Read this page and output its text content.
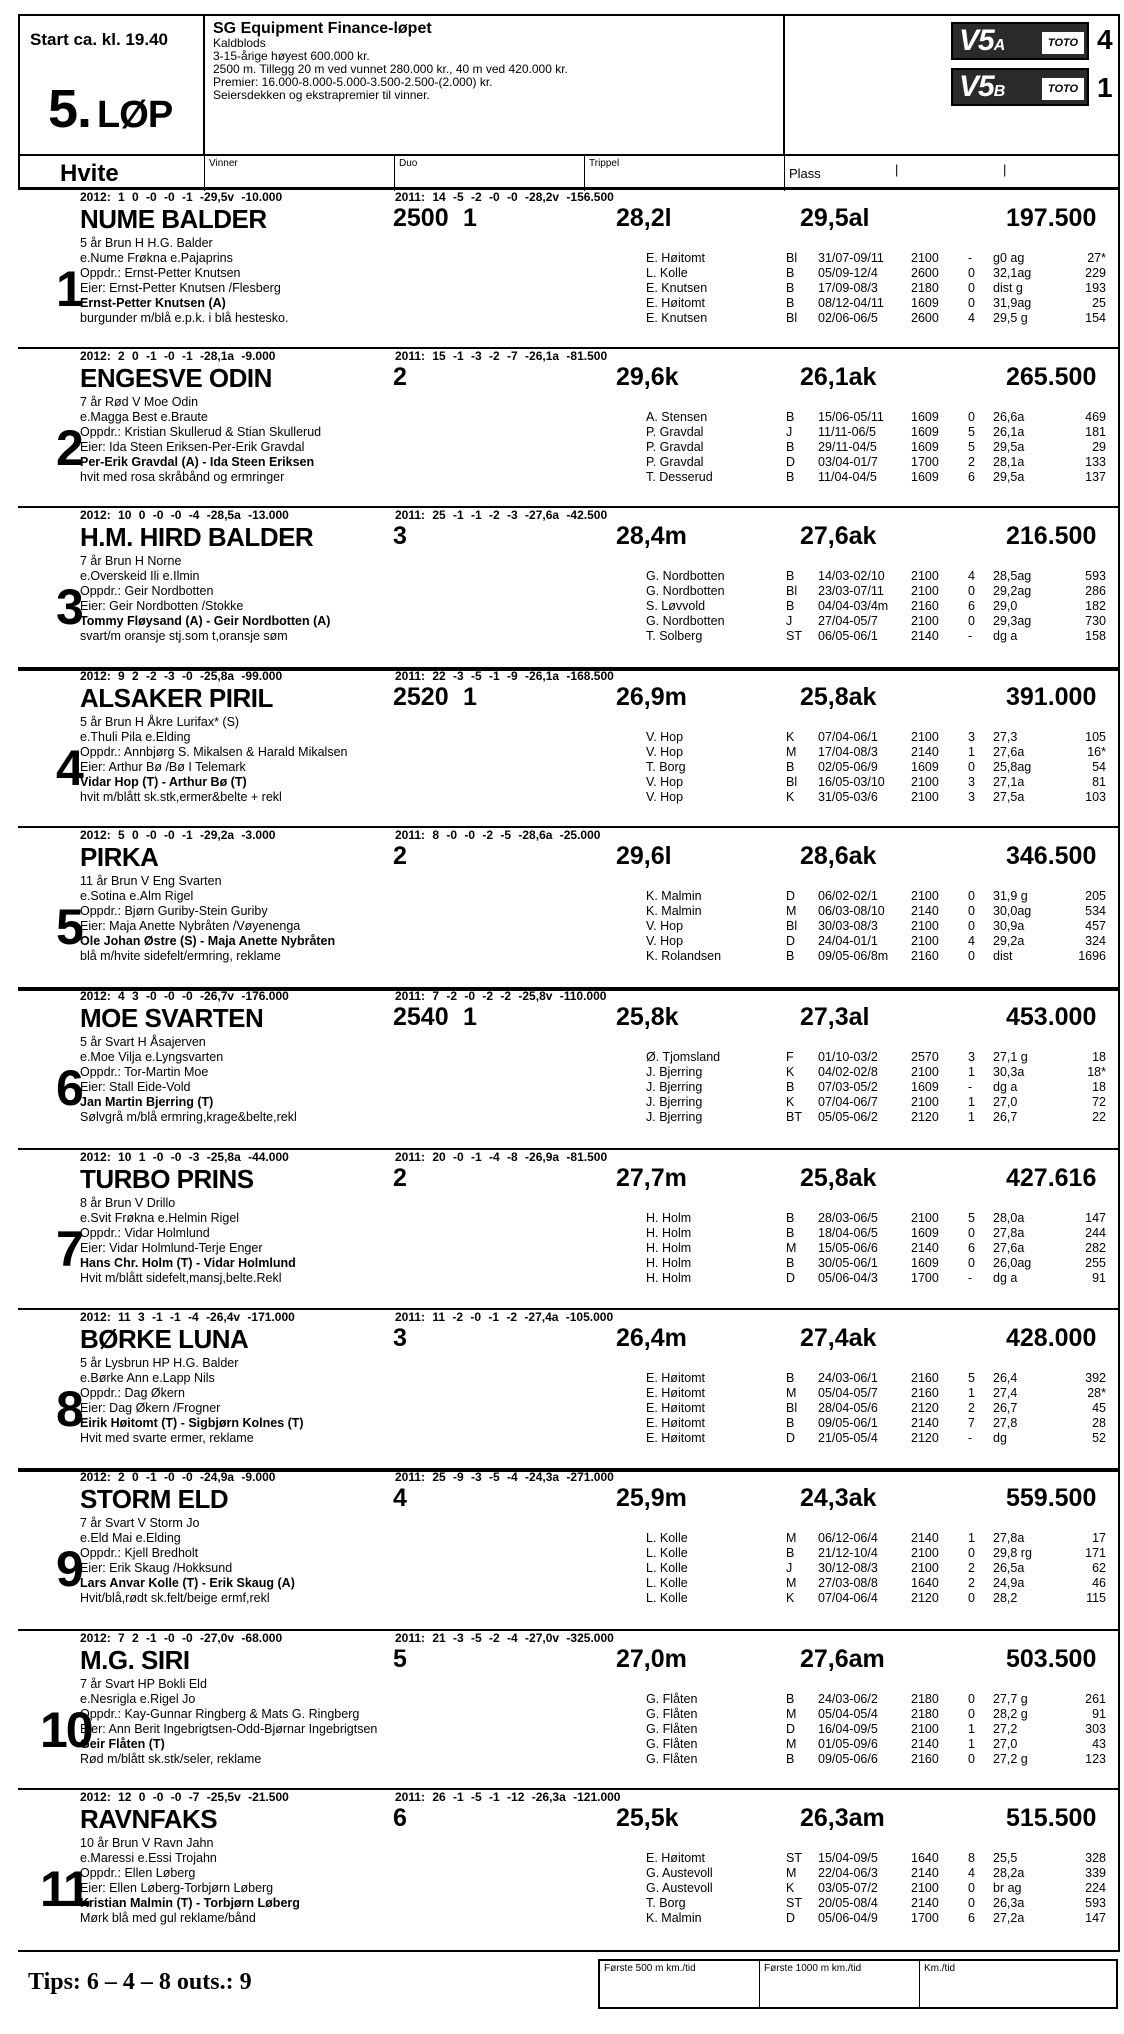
Start ca. kl. 19.40
5. LØP
SG Equipment Finance-løpet
Kaldblods
3-15-årige høyest 600.000 kr.
2500 m. Tillegg 20 m ved vunnet 280.000 kr., 40 m ved 420.000 kr.
Premier: 16.000-8.000-5.000-3.500-2.500-(2.000) kr.
Seiersdekken og ekstrapremier til vinner.
V5A	TOTO 4
V5B	TOTO 1
Hvite	Vinner	Duo	Trippel
Plass	|	|
2012: 1 0 -0 -0 -1 -29,5v -10.000	2011: 14 -5 -2 -0 -0 -28,2v -156.500
NUME BALDER	2500 1	28,2l	29,5al	197.500
1
5 år Brun H H.G. Balder
e.Nume Frøkna e.Pajaprins
Oppdr.: Ernst-Petter Knutsen
Eier: Ernst-Petter Knutsen /Flesberg
Ernst-Petter Knutsen (A)
burgunder m/blå e.p.k. i blå hestesko.
E. Høitomt	Bl 31/07-09/11 2100 - g0 ag	27*
L. Kolle	B 05/09-12/4	2600 0 32,1ag	229
E. Knutsen	B 17/09-08/3	2180 0 dist g	193
E. Høitomt	B 08/12-04/11 1609 0 31,9ag	25
E. Knutsen	Bl 02/06-06/5	2600 4 29,5 g	154
2012: 2 0 -1 -0 -1 -28,1a -9.000	2011: 15 -1 -3 -2 -7 -26,1a -81.500
ENGESVE ODIN	2	29,6k	26,1ak	265.500
2
7 år Rød V Moe Odin
e.Magga Best e.Braute
Oppdr.: Kristian Skullerud & Stian Skullerud
Eier: Ida Steen Eriksen-Per-Erik Gravdal
Per-Erik Gravdal (A) - Ida Steen Eriksen
hvit med rosa skråbånd og ermringer
A. Stensen	B 15/06-05/11 1609 0 26,6a	469
P. Gravdal	J 11/11-06/5	1609 5 26,1a	181
P. Gravdal	B 29/11-04/5	1609 5 29,5a	29
P. Gravdal	D 03/04-01/7	1700 2 28,1a	133
T. Desserud	B 11/04-04/5	1609 6 29,5a	137
2012: 10 0 -0 -0 -4 -28,5a -13.000	2011: 25 -1 -1 -2 -3 -27,6a -42.500
H.M. HIRD BALDER	3	28,4m	27,6ak	216.500
3
7 år Brun H Norne
e.Overskeid Ili e.Ilmin
Oppdr.: Geir Nordbotten
Eier: Geir Nordbotten /Stokke
Tommy Fløysand (A) - Geir Nordbotten (A)
svart/m oransje stj.som t,oransje søm
G. Nordbotten	B 14/03-02/10 2100 4 28,5ag	593
G. Nordbotten	Bl 23/03-07/11 2100 0 29,2ag	286
S. Løvvold	B 04/04-03/4m 2160 6 29,0	182
G. Nordbotten	J 27/04-05/7	2100 0 29,3ag	730
T. Solberg	ST 06/05-06/1	2140 - dg a	158
2012: 9 2 -2 -3 -0 -25,8a -99.000	2011: 22 -3 -5 -1 -9 -26,1a -168.500
ALSAKER PIRIL	2520 1	26,9m	25,8ak	391.000
4
5 år Brun H Åkre Lurifax* (S)
e.Thuli Pila e.Elding
Oppdr.: Annbjørg S. Mikalsen & Harald Mikalsen
Eier: Arthur Bø /Bø I Telemark
Vidar Hop (T) - Arthur Bø (T)
hvit m/blått sk.stk,ermer&belte + rekl
V. Hop	K 07/04-06/1	2100 3 27,3	105
V. Hop	M 17/04-08/3	2140 1 27,6a	16*
T. Borg	B 02/05-06/9	1609 0 25,8ag	54
V. Hop	Bl 16/05-03/10 2100 3 27,1a	81
V. Hop	K 31/05-03/6	2100 3 27,5a	103
2012: 5 0 -0 -0 -1 -29,2a -3.000	2011: 8 -0 -0 -2 -5 -28,6a -25.000
PIRKA	2	29,6l	28,6ak	346.500
5
11 år Brun V Eng Svarten
e.Sotina e.Alm Rigel
Oppdr.: Bjørn Guriby-Stein Guriby
Eier: Maja Anette Nybråten /Vøyenenga
Ole Johan Østre (S) - Maja Anette Nybråten
blå m/hvite sidefelt/ermring, reklame
K. Malmin	D 06/02-02/1	2100 0 31,9 g	205
K. Malmin	M 06/03-08/10 2140 0 30,0ag	534
V. Hop	Bl 30/03-08/3	2100 0 30,9a	457
V. Hop	D 24/04-01/1	2100 4 29,2a	324
K. Rolandsen	B 09/05-06/8m 2160 0 dist	1696
2012: 4 3 -0 -0 -0 -26,7v -176.000	2011: 7 -2 -0 -2 -2 -25,8v -110.000
MOE SVARTEN	2540 1	25,8k	27,3al	453.000
6
5 år Svart H Åsajerven
e.Moe Vilja e.Lyngsvarten
Oppdr.: Tor-Martin Moe
Eier: Stall Eide-Vold
Jan Martin Bjerring (T)
Sølvgrå m/blå ermring,krage&belte,rekl
Ø. Tjomsland	F 01/10-03/2	2570 3 27,1 g	18
J. Bjerring	K 04/02-02/8	2100 1 30,3a	18*
J. Bjerring	B 07/03-05/2	1609 - dg a	18
J. Bjerring	K 07/04-06/7	2100 1 27,0	72
J. Bjerring	BT 05/05-06/2	2120 1 26,7	22
2012: 10 1 -0 -0 -3 -25,8a -44.000	2011: 20 -0 -1 -4 -8 -26,9a -81.500
TURBO PRINS	2	27,7m	25,8ak	427.616
7
8 år Brun V Drillo
e.Svit Frøkna e.Helmin Rigel
Oppdr.: Vidar Holmlund
Eier: Vidar Holmlund-Terje Enger
Hans Chr. Holm (T) - Vidar Holmlund
Hvit m/blått sidefelt,mansj,belte.Rekl
H. Holm	B 28/03-06/5	2100 5 28,0a	147
H. Holm	B 18/04-06/5	1609 0 27,8a	244
H. Holm	M 15/05-06/6	2140 6 27,6a	282
H. Holm	B 30/05-06/1	1609 0 26,0ag	255
H. Holm	D 05/06-04/3	1700 - dg a	91
2012: 11 3 -1 -1 -4 -26,4v -171.000	2011: 11 -2 -0 -1 -2 -27,4a -105.000
BØRKE LUNA	3	26,4m	27,4ak	428.000
8
5 år Lysbrun HP H.G. Balder
e.Børke Ann e.Lapp Nils
Oppdr.: Dag Økern
Eier: Dag Økern /Frogner
Eirik Høitomt (T) - Sigbjørn Kolnes (T)
Hvit med svarte ermer, reklame
E. Høitomt	B 24/03-06/1	2160 5 26,4	392
E. Høitomt	M 05/04-05/7	2160 1 27,4	28*
E. Høitomt	Bl 28/04-05/6	2120 2 26,7	45
E. Høitomt	B 09/05-06/1	2140 7 27,8	28
E. Høitomt	D 21/05-05/4	2120 - dg	52
2012: 2 0 -1 -0 -0 -24,9a -9.000	2011: 25 -9 -3 -5 -4 -24,3a -271.000
STORM ELD	4	25,9m	24,3ak	559.500
9
7 år Svart V Storm Jo
e.Eld Mai e.Elding
Oppdr.: Kjell Bredholt
Eier: Erik Skaug /Hokksund
Lars Anvar Kolle (T) - Erik Skaug (A)
Hvit/blå,rødt sk.felt/beige ermf,rekl
L. Kolle	M 06/12-06/4	2140 1 27,8a	17
L. Kolle	B 21/12-10/4	2100 0 29,8 rg	171
L. Kolle	J 30/12-08/3	2100 2 26,5a	62
L. Kolle	M 27/03-08/8	1640 2 24,9a	46
L. Kolle	K 07/04-06/4	2120 0 28,2	115
2012: 7 2 -1 -0 -0 -27,0v -68.000	2011: 21 -3 -5 -2 -4 -27,0v -325.000
M.G. SIRI	5	27,0m	27,6am	503.500
10
7 år Svart HP Bokli Eld
e.Nesrigla e.Rigel Jo
Oppdr.: Kay-Gunnar Ringberg & Mats G. Ringberg
Eier: Ann Berit Ingebrigtsen-Odd-Bjørnar Ingebrigtsen
Geir Flåten (T)
Rød m/blått sk.stk/seler, reklame
G. Flåten	B 24/03-06/2	2180 0 27,7 g	261
G. Flåten	M 05/04-05/4	2180 0 28,2 g	91
G. Flåten	D 16/04-09/5	2100 1 27,2	303
G. Flåten	M 01/05-09/6	2140 1 27,0	43
G. Flåten	B 09/05-06/6	2160 0 27,2 g	123
2012: 12 0 -0 -0 -7 -25,5v -21.500	2011: 26 -1 -5 -1 -12 -26,3a -121.000
RAVNFAKS	6	25,5k	26,3am	515.500
11
10 år Brun V Ravn Jahn
e.Maressi e.Essi Trojahn
Oppdr.: Ellen Løberg
Eier: Ellen Løberg-Torbjørn Løberg
Kristian Malmin (T) - Torbjørn Løberg
Mørk blå med gul reklame/bånd
E. Høitomt	ST 15/04-09/5	1640 8 25,5	328
G. Austevoll	M 22/04-06/3	2140 4 28,2a	339
G. Austevoll	K 03/05-07/2	2100 0 br ag	224
T. Borg	ST 20/05-08/4	2140 0 26,3a	593
K. Malmin	D 05/06-04/9	1700 6 27,2a	147
Tips: 6 – 4 – 8 outs.: 9
Første 500 m km./tid	Første 1000 m km./tid	Km./tid
